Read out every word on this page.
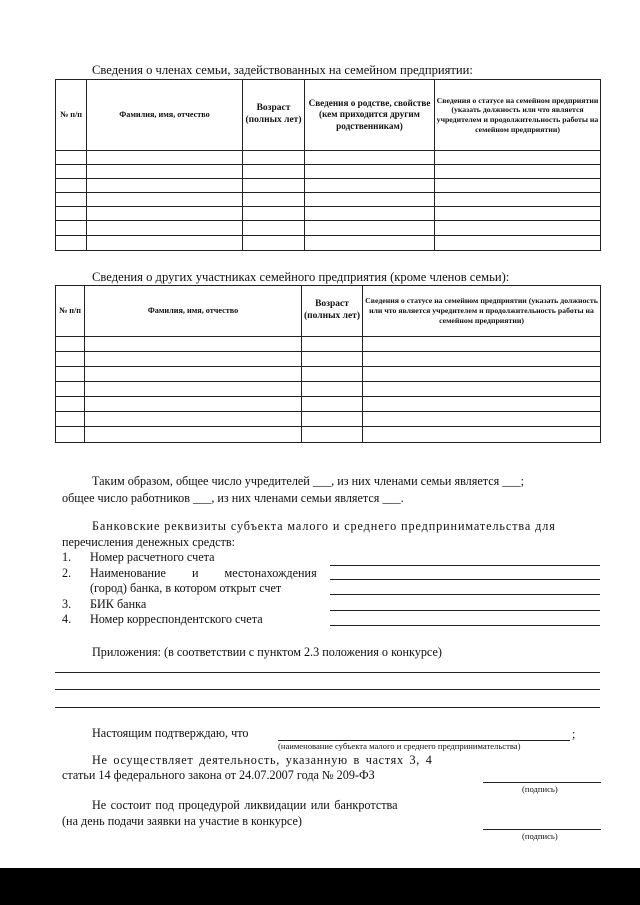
Сведения о членах семьи, задействованных на семейном предприятии:
№ п/п	Фамилия, имя, отчество	Возраст (полных лет)	Сведения о родстве, свойстве (кем приходится другим родственникам)	Сведения о статусе на семейном предприятии (указать должность или что является учредителем и продолжительность работы на семейном предприятии)

Сведения о других участниках семейного предприятия (кроме членов семьи):
№ п/п	Фамилия, имя, отчество	Возраст (полных лет)	Сведения о статусе на семейном предприятии (указать должность или что является учредителем и продолжительность работы на семейном предприятии)

Таким образом, общее число учредителей ___, из них членами семьи является ___;
общее число работников ___, из них членами семьи является ___.
Банковские реквизиты субъекта малого и среднего предпринимательства для
перечисления денежных средств:
1. Номер расчетного счета
2. Наименование и местонахождения
(город) банка, в котором открыт счет
3. БИК банка
4. Номер корреспондентского счета
Приложения: (в соответствии с пунктом 2.3 положения о конкурсе)
Настоящим подтверждаю, что	;
(наименование субъекта малого и среднего предпринимательства)
Не осуществляет деятельность, указанную в частях 3, 4
статьи 14 федерального закона от 24.07.2007 года № 209-ФЗ
(подпись)
Не состоит под процедурой ликвидации или банкротства
(на день подачи заявки на участие в конкурсе)
(подпись)
